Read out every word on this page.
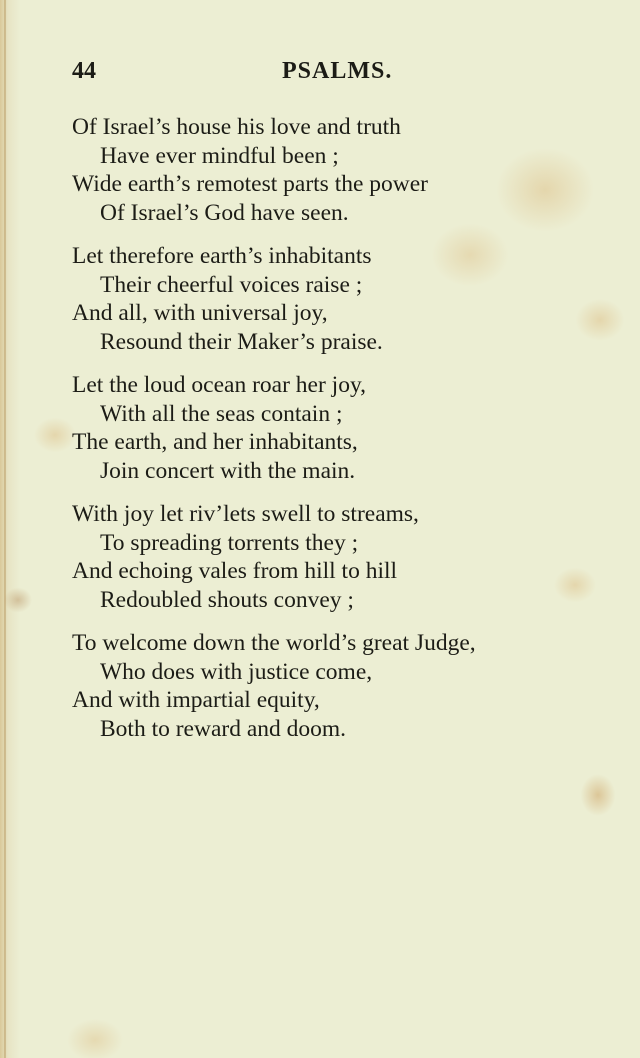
44	PSALMS.
Of Israel’s house his love and truth
Have ever mindful been ;
Wide earth’s remotest parts the power
Of Israel’s God have seen.
Let therefore earth’s inhabitants
Their cheerful voices raise ;
And all, with universal joy,
Resound their Maker’s praise.
Let the loud ocean roar her joy,
With all the seas contain ;
The earth, and her inhabitants,
Join concert with the main.
With joy let riv’lets swell to streams,
To spreading torrents they ;
And echoing vales from hill to hill
Redoubled shouts convey ;
To welcome down the world’s great Judge,
Who does with justice come,
And with impartial equity,
Both to reward and doom.
